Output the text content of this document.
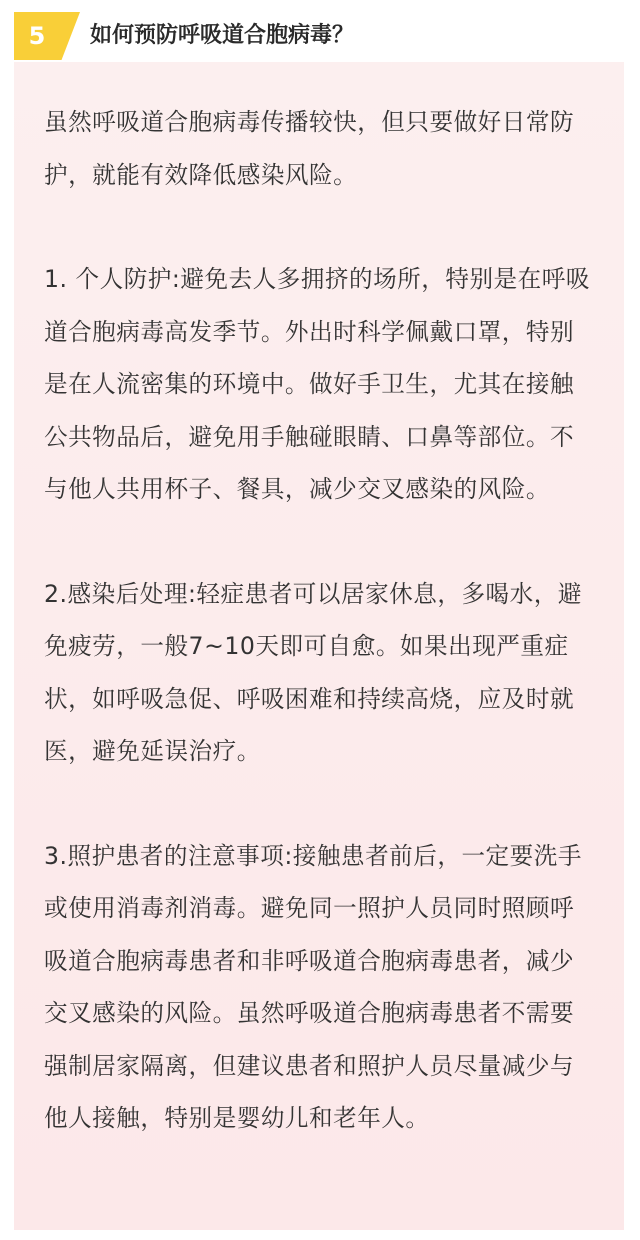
5	如何预防呼吸道合胞病毒？

虽然呼吸道合胞病毒传播较快，但只要做好日常防护，就能有效降低感染风险。

1. 个人防护:避免去人多拥挤的场所，特别是在呼吸道合胞病毒高发季节。外出时科学佩戴口罩，特别是在人流密集的环境中。做好手卫生，尤其在接触公共物品后，避免用手触碰眼睛、口鼻等部位。不与他人共用杯子、餐具，减少交叉感染的风险。

2.感染后处理:轻症患者可以居家休息，多喝水，避免疲劳，一般7~10天即可自愈。如果出现严重症状，如呼吸急促、呼吸困难和持续高烧，应及时就医，避免延误治疗。

3.照护患者的注意事项:接触患者前后，一定要洗手或使用消毒剂消毒。避免同一照护人员同时照顾呼吸道合胞病毒患者和非呼吸道合胞病毒患者，减少交叉感染的风险。虽然呼吸道合胞病毒患者不需要强制居家隔离，但建议患者和照护人员尽量减少与他人接触，特别是婴幼儿和老年人。
